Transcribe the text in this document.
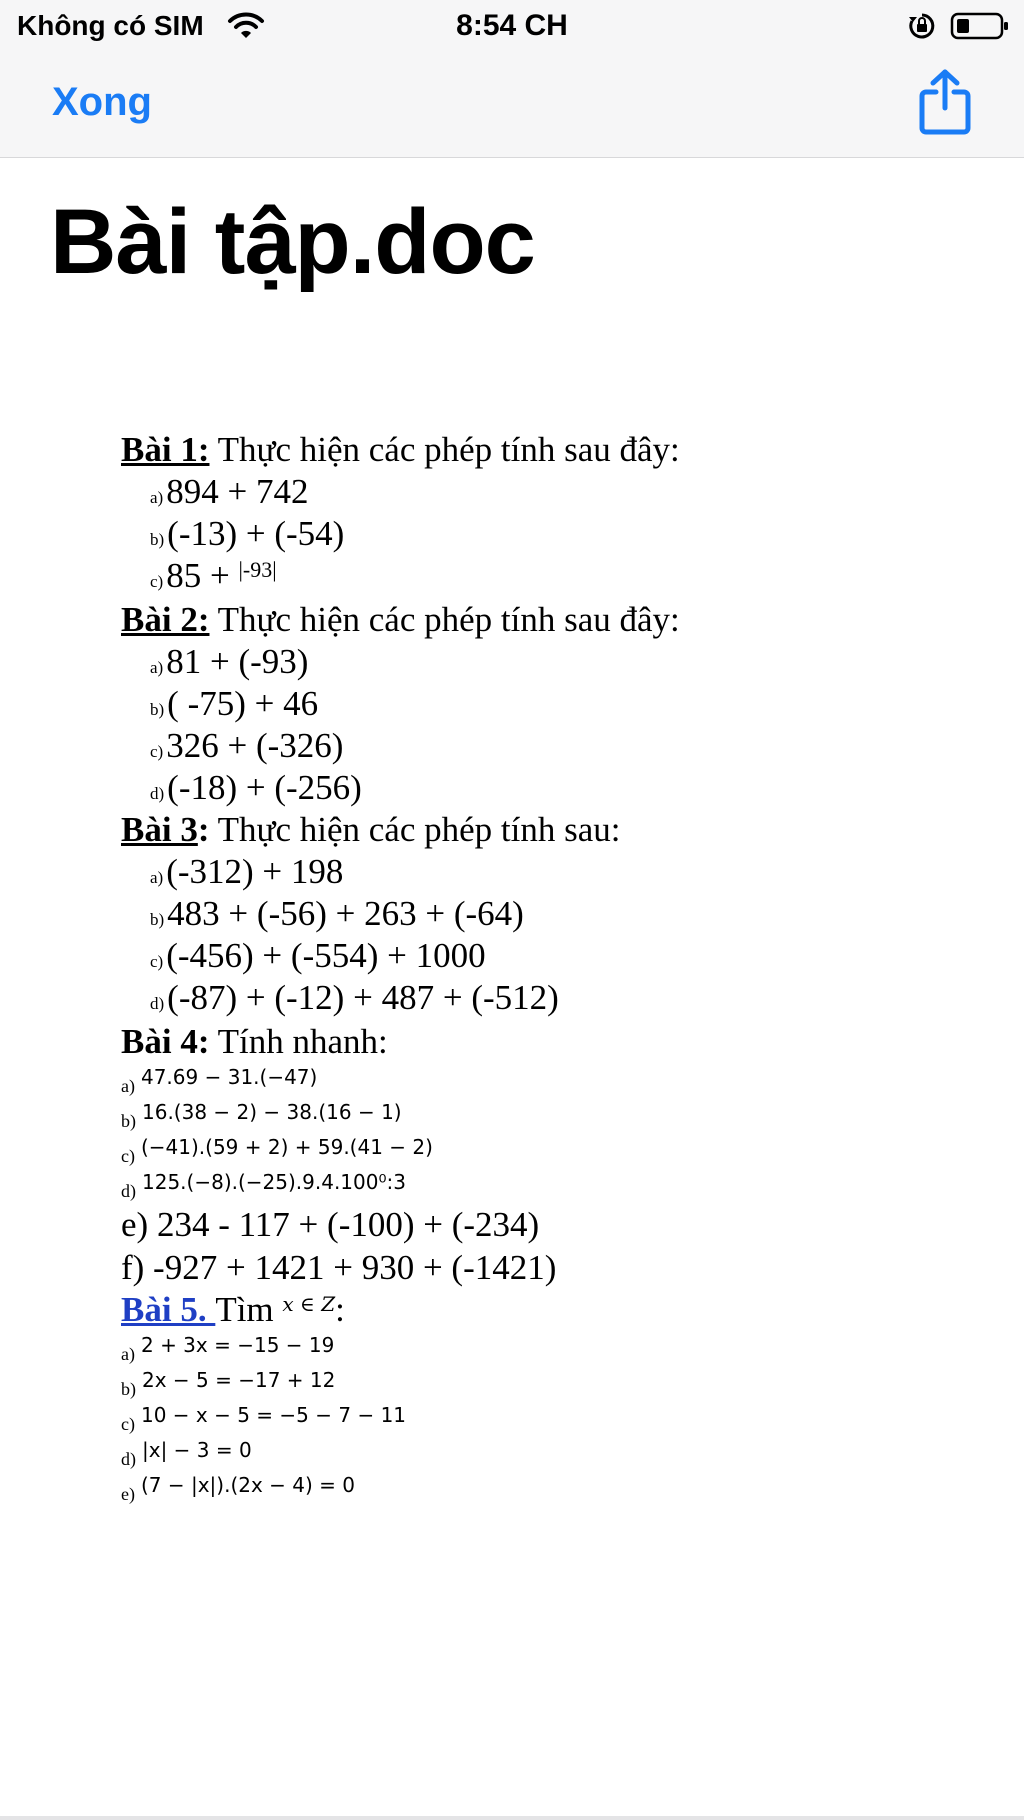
Không có SIM	8:54 CH
Xong
Bài tập.doc
Bài 1: Thực hiện các phép tính sau đây:
a)894 + 742
b)(-13) + (-54)
c)85 + $^{|-93|}$
Bài 2: Thực hiện các phép tính sau đây:
a)81 + (-93)
b)( -75) + 46
c)326 + (-326)
d)(-18) + (-256)
Bài 3: Thực hiện các phép tính sau:
a)(-312) + 198
b)483 + (-56) + 263 + (-64)
c)(-456) + (-554) + 1000
d)(-87) + (-12) + 487 + (-512)
Bài 4: Tính nhanh:
$_{a)}$ 47.69 − 31.(−47)
$_{b)}$ 16.(38 − 2) − 38.(16 − 1)
$_{c)}$ (−41).(59 + 2) + 59.(41 − 2)
$_{d)}$ 125.(−8).(−25).9.4.100⁰:3
e) 234 - 117 + (-100) + (-234)
f) -927 + 1421 + 930 + (-1421)
Bài 5. Tìm $^{x \in Z}$:
$_{a)}$ 2 + 3x = −15 − 19
$_{b)}$ 2x − 5 = −17 + 12
$_{c)}$ 10 − x − 5 = −5 − 7 − 11
$_{d)}$ |x| − 3 = 0
$_{e)}$ (7 − |x|).(2x − 4) = 0
